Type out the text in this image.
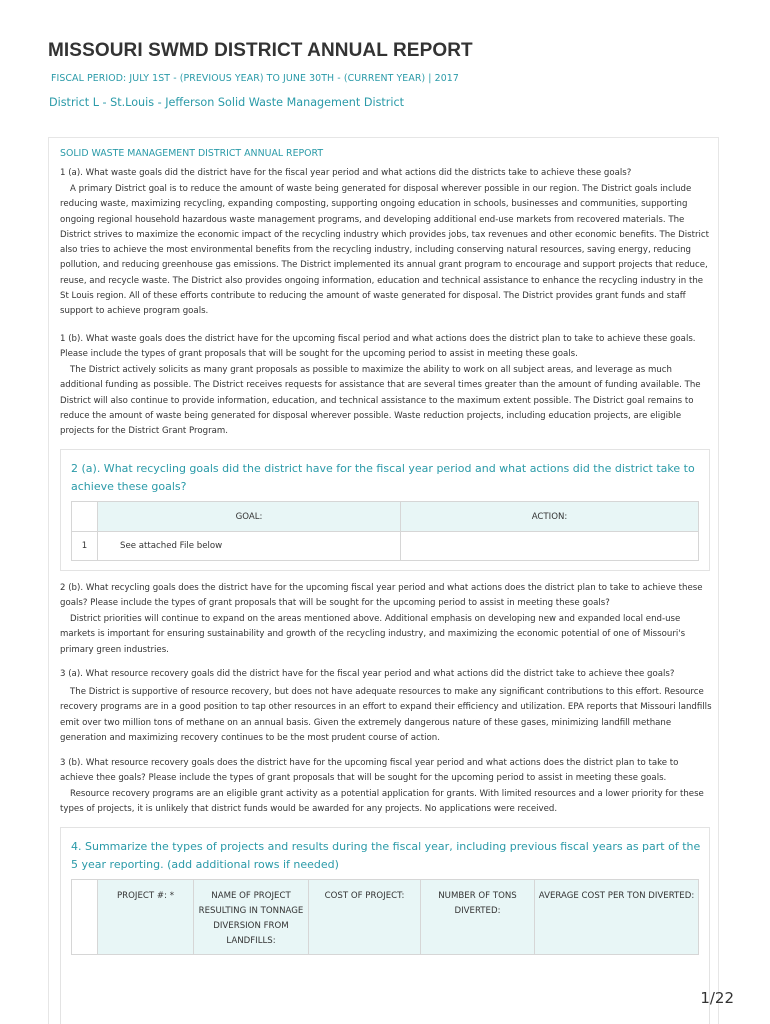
MISSOURI SWMD DISTRICT ANNUAL REPORT
FISCAL PERIOD: JULY 1ST - (PREVIOUS YEAR) TO JUNE 30TH - (CURRENT YEAR) | 2017
District L - St.Louis - Jefferson Solid Waste Management District
SOLID WASTE MANAGEMENT DISTRICT ANNUAL REPORT

1 (a). What waste goals did the district have for the fiscal year period and what actions did the districts take to achieve these goals?

A primary District goal is to reduce the amount of waste being generated for disposal wherever possible in our region. The District goals include reducing waste, maximizing recycling, expanding composting, supporting ongoing education in schools, businesses and communities, supporting ongoing regional household hazardous waste management programs, and developing additional end-use markets from recovered materials. The District strives to maximize the economic impact of the recycling industry which provides jobs, tax revenues and other economic benefits. The District also tries to achieve the most environmental benefits from the recycling industry, including conserving natural resources, saving energy, reducing pollution, and reducing greenhouse gas emissions. The District implemented its annual grant program to encourage and support projects that reduce, reuse, and recycle waste. The District also provides ongoing information, education and technical assistance to enhance the recycling industry in the St Louis region. All of these efforts contribute to reducing the amount of waste generated for disposal. The District provides grant funds and staff support to achieve program goals.

1 (b). What waste goals does the district have for the upcoming fiscal period and what actions does the district plan to take to achieve these goals. Please include the types of grant proposals that will be sought for the upcoming period to assist in meeting these goals.

The District actively solicits as many grant proposals as possible to maximize the ability to work on all subject areas, and leverage as much additional funding as possible. The District receives requests for assistance that are several times greater than the amount of funding available. The District will also continue to provide information, education, and technical assistance to the maximum extent possible. The District goal remains to reduce the amount of waste being generated for disposal wherever possible. Waste reduction projects, including education projects, are eligible projects for the District Grant Program.

2 (a). What recycling goals did the district have for the fiscal year period and what actions did the district take to achieve these goals?

	GOAL:	ACTION:
1	See attached File below	

2 (b). What recycling goals does the district have for the upcoming fiscal year period and what actions does the district plan to take to achieve these goals? Please include the types of grant proposals that will be sought for the upcoming period to assist in meeting these goals?

District priorities will continue to expand on the areas mentioned above. Additional emphasis on developing new and expanded local end-use markets is important for ensuring sustainability and growth of the recycling industry, and maximizing the economic potential of one of Missouri's primary green industries.

3 (a). What resource recovery goals did the district have for the fiscal year period and what actions did the district take to achieve thee goals?

The District is supportive of resource recovery, but does not have adequate resources to make any significant contributions to this effort. Resource recovery programs are in a good position to tap other resources in an effort to expand their efficiency and utilization. EPA reports that Missouri landfills emit over two million tons of methane on an annual basis. Given the extremely dangerous nature of these gases, minimizing landfill methane generation and maximizing recovery continues to be the most prudent course of action.

3 (b). What resource recovery goals does the district have for the upcoming fiscal year period and what actions does the district plan to take to achieve thee goals? Please include the types of grant proposals that will be sought for the upcoming period to assist in meeting these goals.

Resource recovery programs are an eligible grant activity as a potential application for grants. With limited resources and a lower priority for these types of projects, it is unlikely that district funds would be awarded for any projects. No applications were received.

4. Summarize the types of projects and results during the fiscal year, including previous fiscal years as part of the 5 year reporting. (add additional rows if needed)

	PROJECT #: *	NAME OF PROJECT RESULTING IN TONNAGE DIVERSION FROM LANDFILLS:	COST OF PROJECT:	NUMBER OF TONS DIVERTED:	AVERAGE COST PER TON DIVERTED:
1/22
